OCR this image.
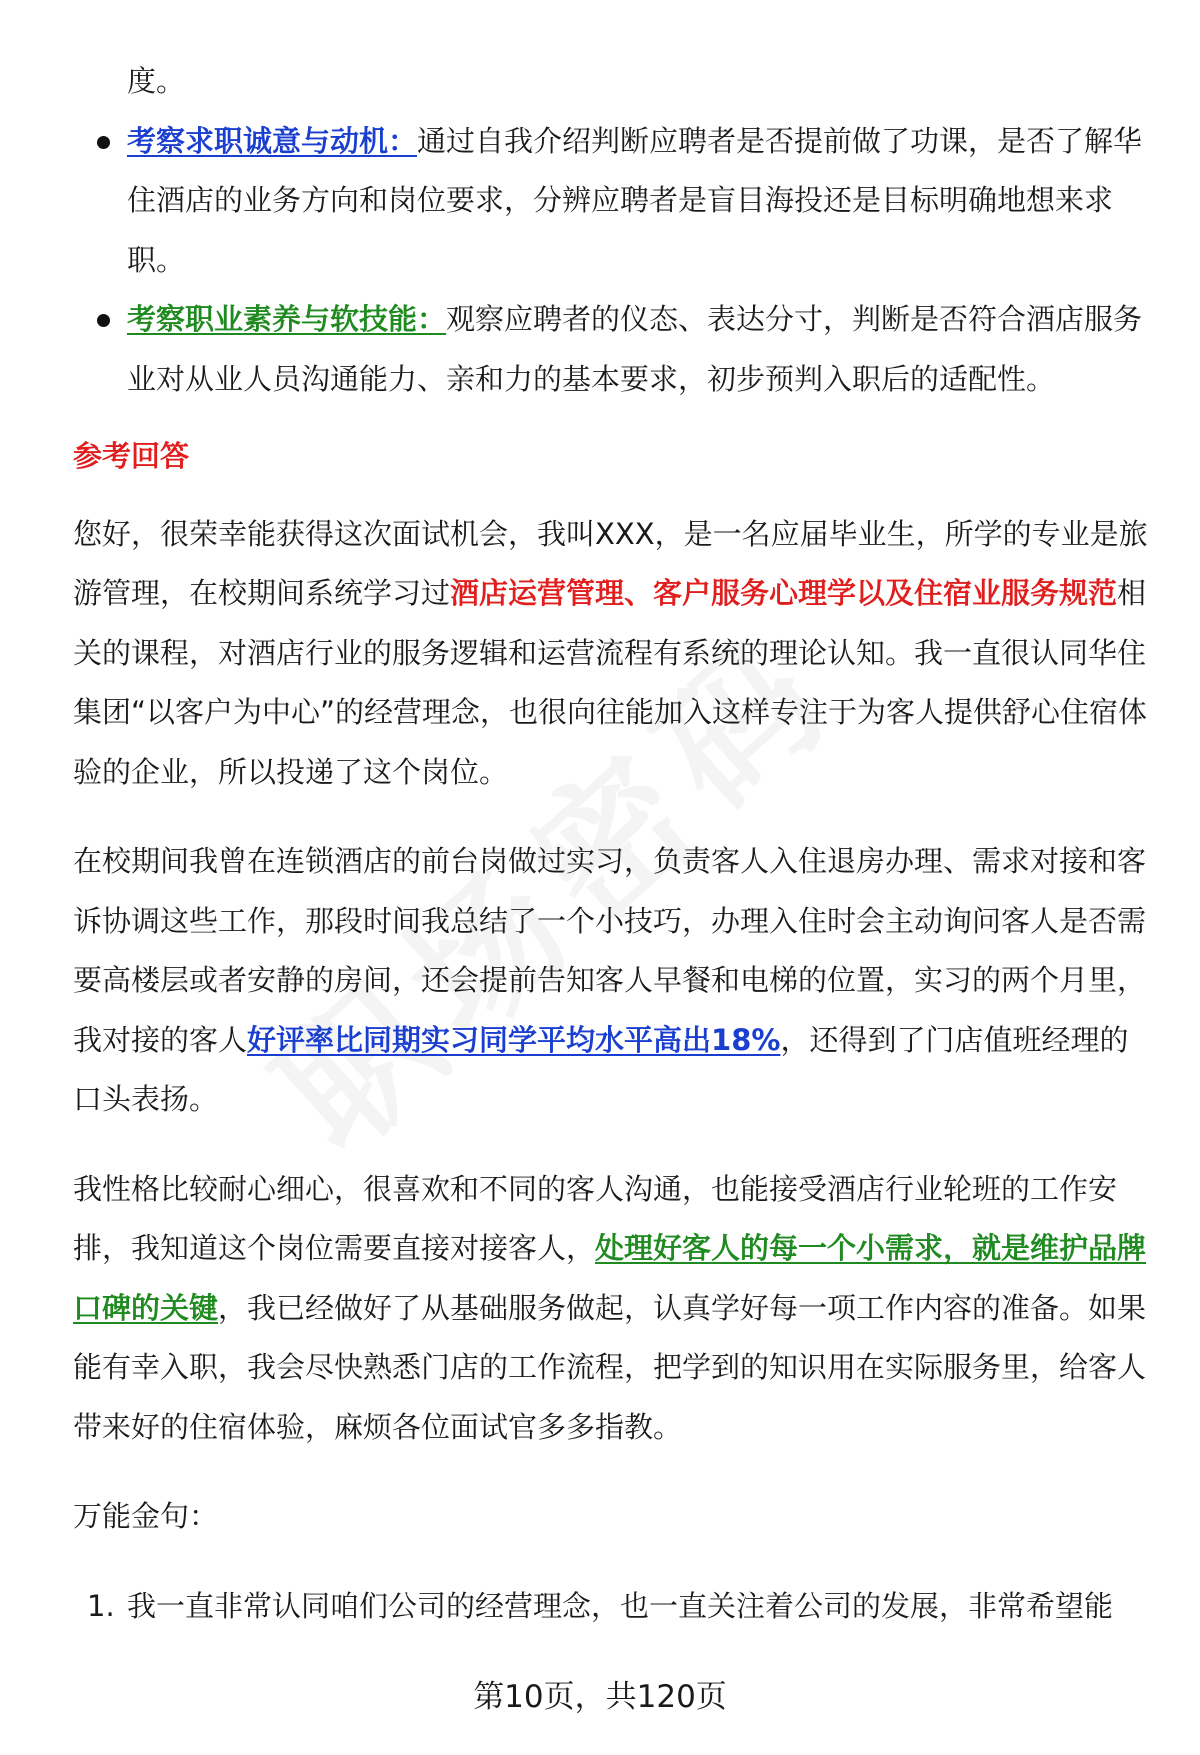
度。

考察求职诚意与动机：通过自我介绍判断应聘者是否提前做了功课，是否了解华住酒店的业务方向和岗位要求，分辨应聘者是盲目海投还是目标明确地想来求职。
考察职业素养与软技能：观察应聘者的仪态、表达分寸，判断是否符合酒店服务业对从业人员沟通能力、亲和力的基本要求，初步预判入职后的适配性。
参考回答

您好，很荣幸能获得这次面试机会，我叫XXX，是一名应届毕业生，所学的专业是旅游管理，在校期间系统学习过酒店运营管理、客户服务心理学以及住宿业服务规范相关的课程，对酒店行业的服务逻辑和运营流程有系统的理论认知。我一直很认同华住集团“以客户为中心”的经营理念，也很向往能加入这样专注于为客人提供舒心住宿体验的企业，所以投递了这个岗位。

在校期间我曾在连锁酒店的前台岗做过实习，负责客人入住退房办理、需求对接和客诉协调这些工作，那段时间我总结了一个小技巧，办理入住时会主动询问客人是否需要高楼层或者安静的房间，还会提前告知客人早餐和电梯的位置，实习的两个月里，我对接的客人好评率比同期实习同学平均水平高出18%，还得到了门店值班经理的口头表扬。

我性格比较耐心细心，很喜欢和不同的客人沟通，也能接受酒店行业轮班的工作安排，我知道这个岗位需要直接对接客人，处理好客人的每一个小需求，就是维护品牌口碑的关键，我已经做好了从基础服务做起，认真学好每一项工作内容的准备。如果能有幸入职，我会尽快熟悉门店的工作流程，把学到的知识用在实际服务里，给客人带来好的住宿体验，麻烦各位面试官多多指教。

万能金句：

1. 我一直非常认同咱们公司的经营理念，也一直关注着公司的发展，非常希望能
第10页，共120页
